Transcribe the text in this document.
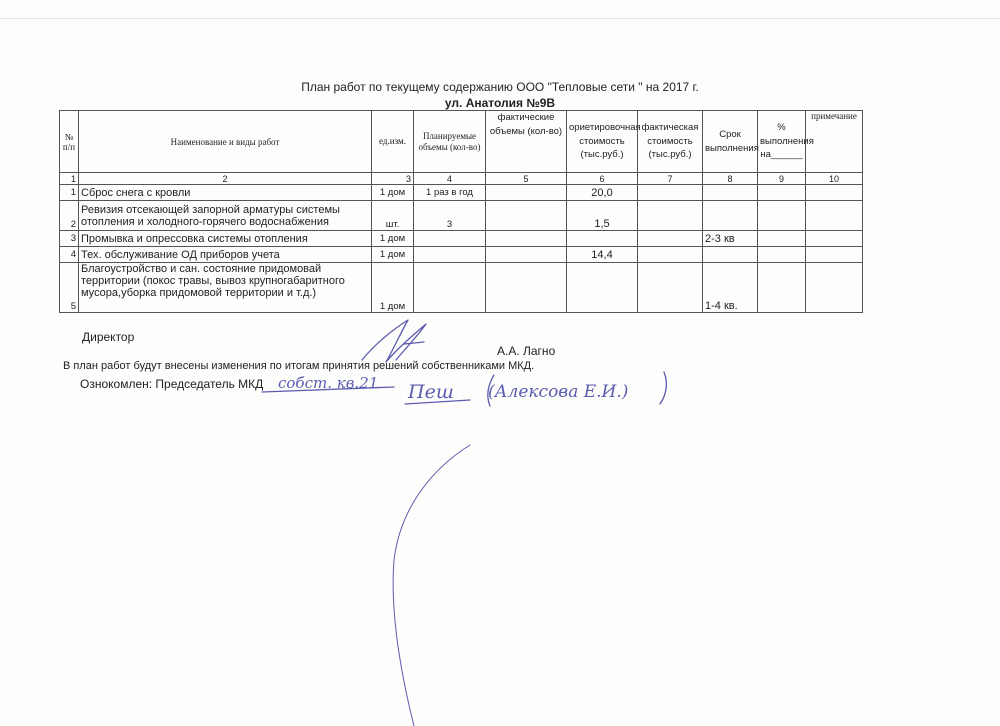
План работ по текущему содержанию ООО "Тепловые сети " на 2017 г.
ул. Анатолия №9В
№ п/п	Наименование и виды работ	ед.изм.	Планируемые объемы (кол-во)	фактические объемы (кол-во)	ориетировочная стоимость (тыс.руб.)	фактическая стоимость (тыс.руб.)	Срок выполнения	% выполнения на______	примечание
1	2	3	4	5	6	7	8	9	10
1	Сброс снега с кровли	1 дом	1 раз в год		20,0				
2	Ревизия отсекающей запорной арматуры системы отопления и холодного-горячего водоснабжения	шт.	3		1,5				
3	Промывка и опрессовка системы отопления	1 дом					2-3 кв		
4	Тех. обслуживание ОД приборов учета	1 дом			14,4				
5	Благоустройство и сан. состояние придомовай территории (покос травы, вывоз крупногабаритного мусора,уборка придомовой территории и т.д.)	1 дом					1-4 кв.		
Директор
А.А. Лагно
В план работ будут внесены изменения по итогам принятия решений собственниками МКД.
Ознокомлен: Председатель МКД собст. кв.21 Пеш (Алексова Е.И.)
